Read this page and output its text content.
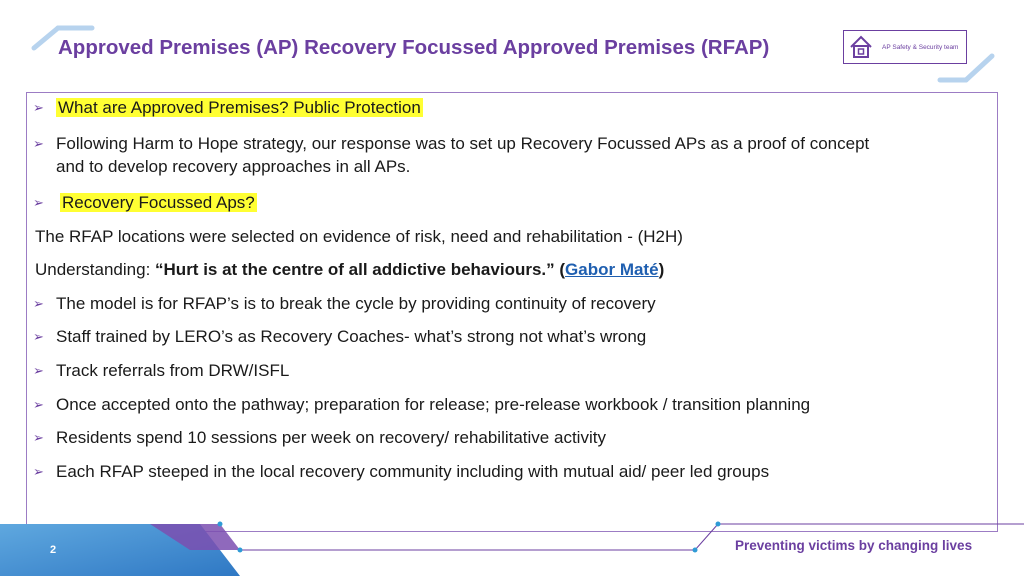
Approved Premises (AP) Recovery Focussed Approved Premises (RFAP)	AP Safety & Security team
➢ What are Approved Premises? Public Protection
➢ Following Harm to Hope strategy, our response was to set up Recovery Focussed APs as a proof of concept
and to develop recovery approaches in all APs.
➢	Recovery Focussed Aps?
The RFAP locations were selected on evidence of risk, need and rehabilitation - (H2H)
Understanding: “Hurt is at the centre of all addictive behaviours.” (Gabor Maté)
➢ The model is for RFAP’s is to break the cycle by providing continuity of recovery
➢ Staff trained by LERO’s as Recovery Coaches- what’s strong not what’s wrong
➢ Track referrals from DRW/ISFL
➢ Once accepted onto the pathway; preparation for release; pre-release workbook / transition planning
➢ Residents spend 10 sessions per week on recovery/ rehabilitative activity
➢ Each RFAP steeped in the local recovery community including with mutual aid/ peer led groups
2	Preventing victims by changing lives
